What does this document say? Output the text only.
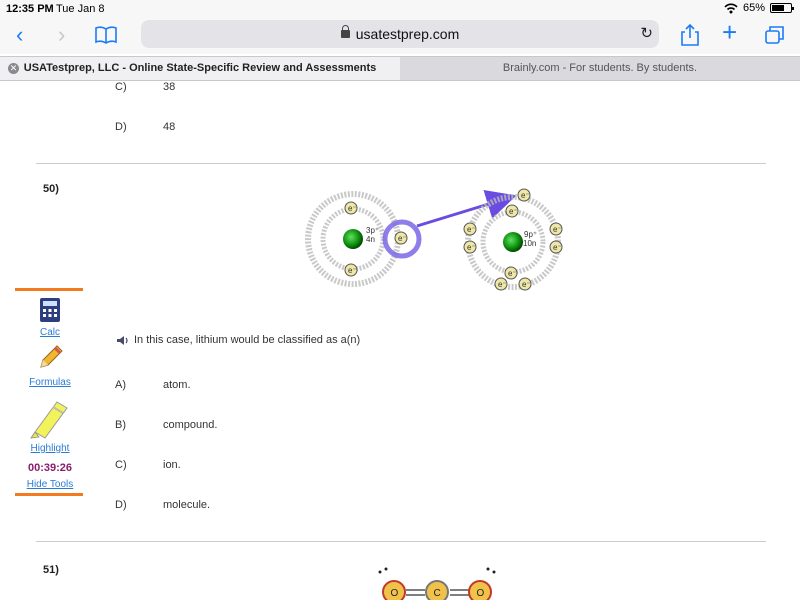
12:35 PM Tue Jan 8	65%
‹ ›	usatestprep.com	↻	+
✕ USATestprep, LLC - Online State-Specific Review and Assessments	Brainly.com - For students. By students.
C)	38
D)	48
50)
3p⁺
4n
e⁻
e⁻
e⁻	9p⁺
10n
e⁻
e⁻
e⁻
e⁻
e⁻
e⁻
e⁻
e⁻ e⁻
In this case, lithium would be classified as a(n)
A)	atom.
B)	compound.
C)	ion.
D)	molecule.
51)
O	C	O
Calc
Formulas
Highlight
00:39:26
Hide Tools
